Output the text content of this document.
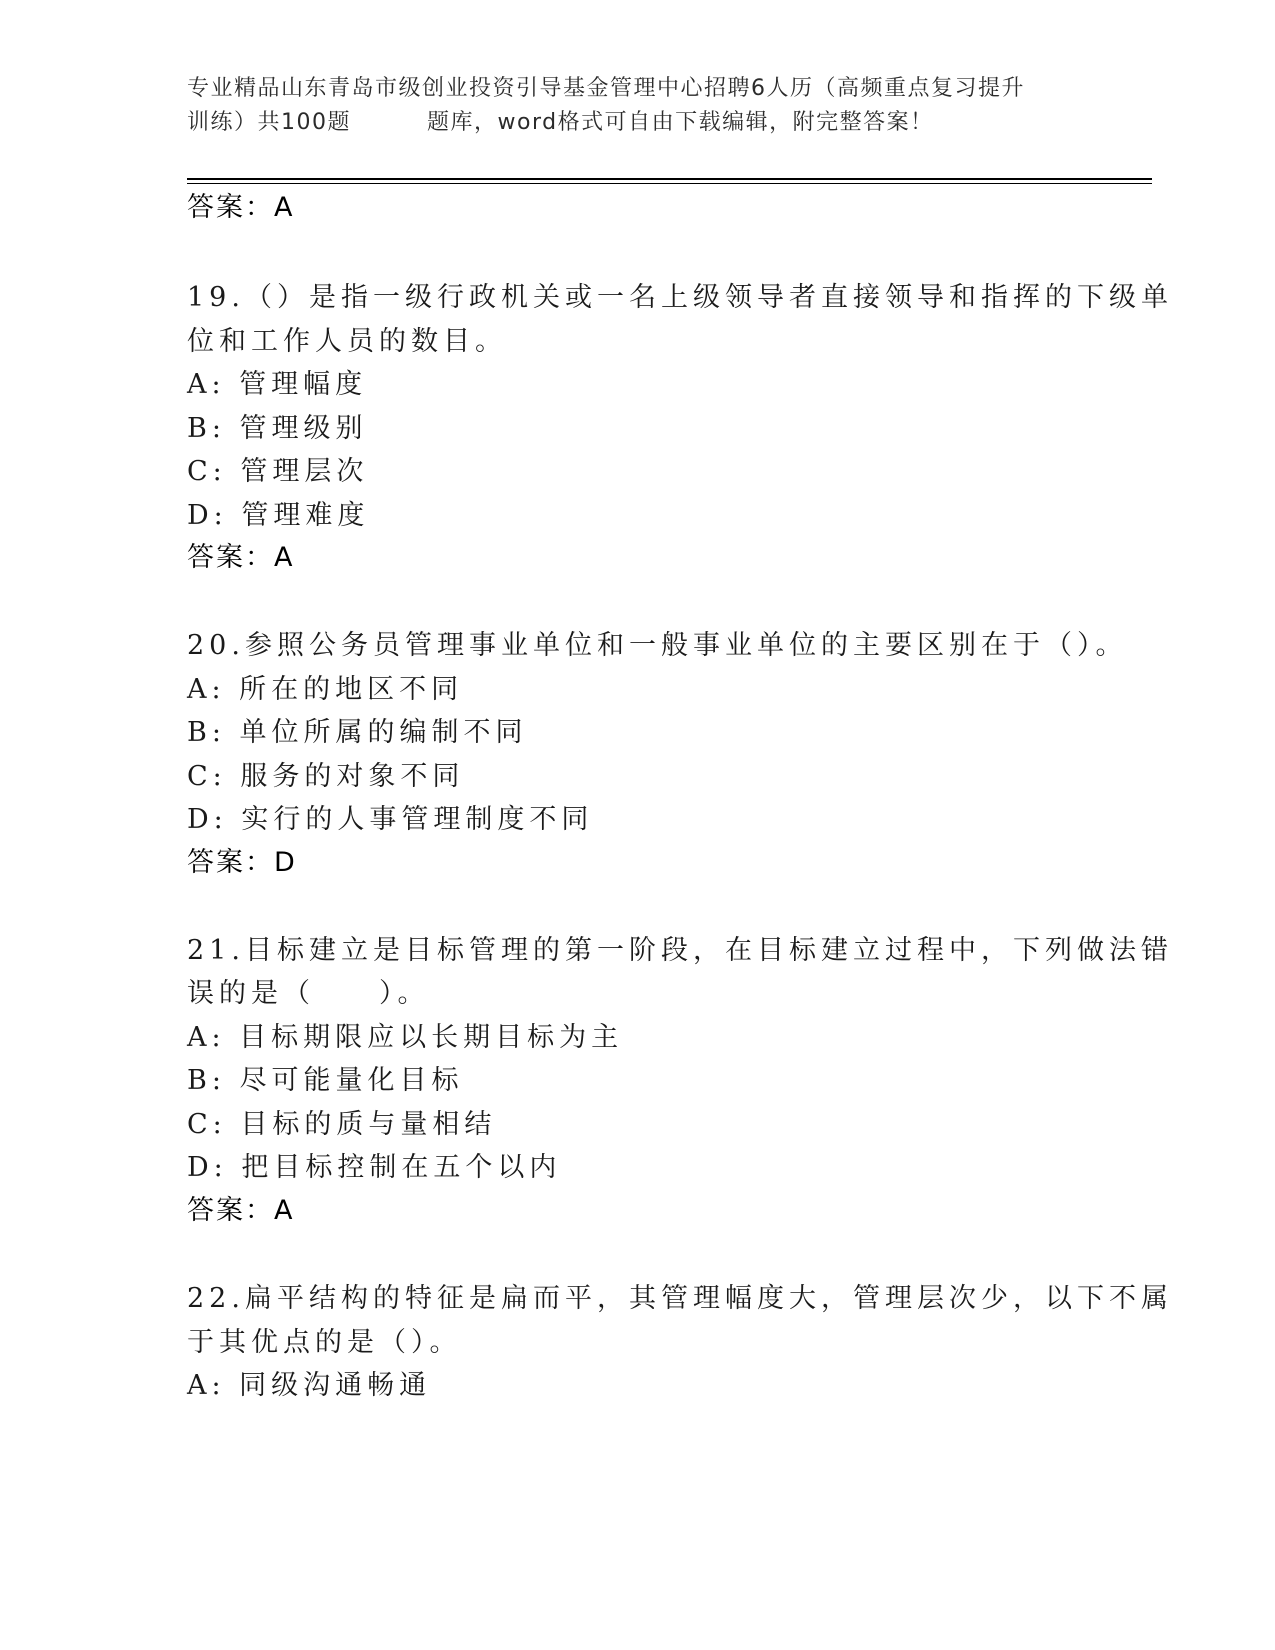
专业精品山东青岛市级创业投资引导基金管理中心招聘6人历（高频重点复习提升
训练）共100题	题库，word格式可自由下载编辑，附完整答案！
答案：A
19.（）是指一级行政机关或一名上级领导者直接领导和指挥的下级单
位和工作人员的数目。
A: 管理幅度
B: 管理级别
C: 管理层次
D: 管理难度
答案：A
20.参照公务员管理事业单位和一般事业单位的主要区别在于（）。
A: 所在的地区不同
B: 单位所属的编制不同
C: 服务的对象不同
D: 实行的人事管理制度不同
答案：D
21.目标建立是目标管理的第一阶段，在目标建立过程中，下列做法错
误的是（　　）。
A: 目标期限应以长期目标为主
B: 尽可能量化目标
C: 目标的质与量相结
D: 把目标控制在五个以内
答案：A
22.扁平结构的特征是扁而平，其管理幅度大，管理层次少，以下不属
于其优点的是（）。
A: 同级沟通畅通
